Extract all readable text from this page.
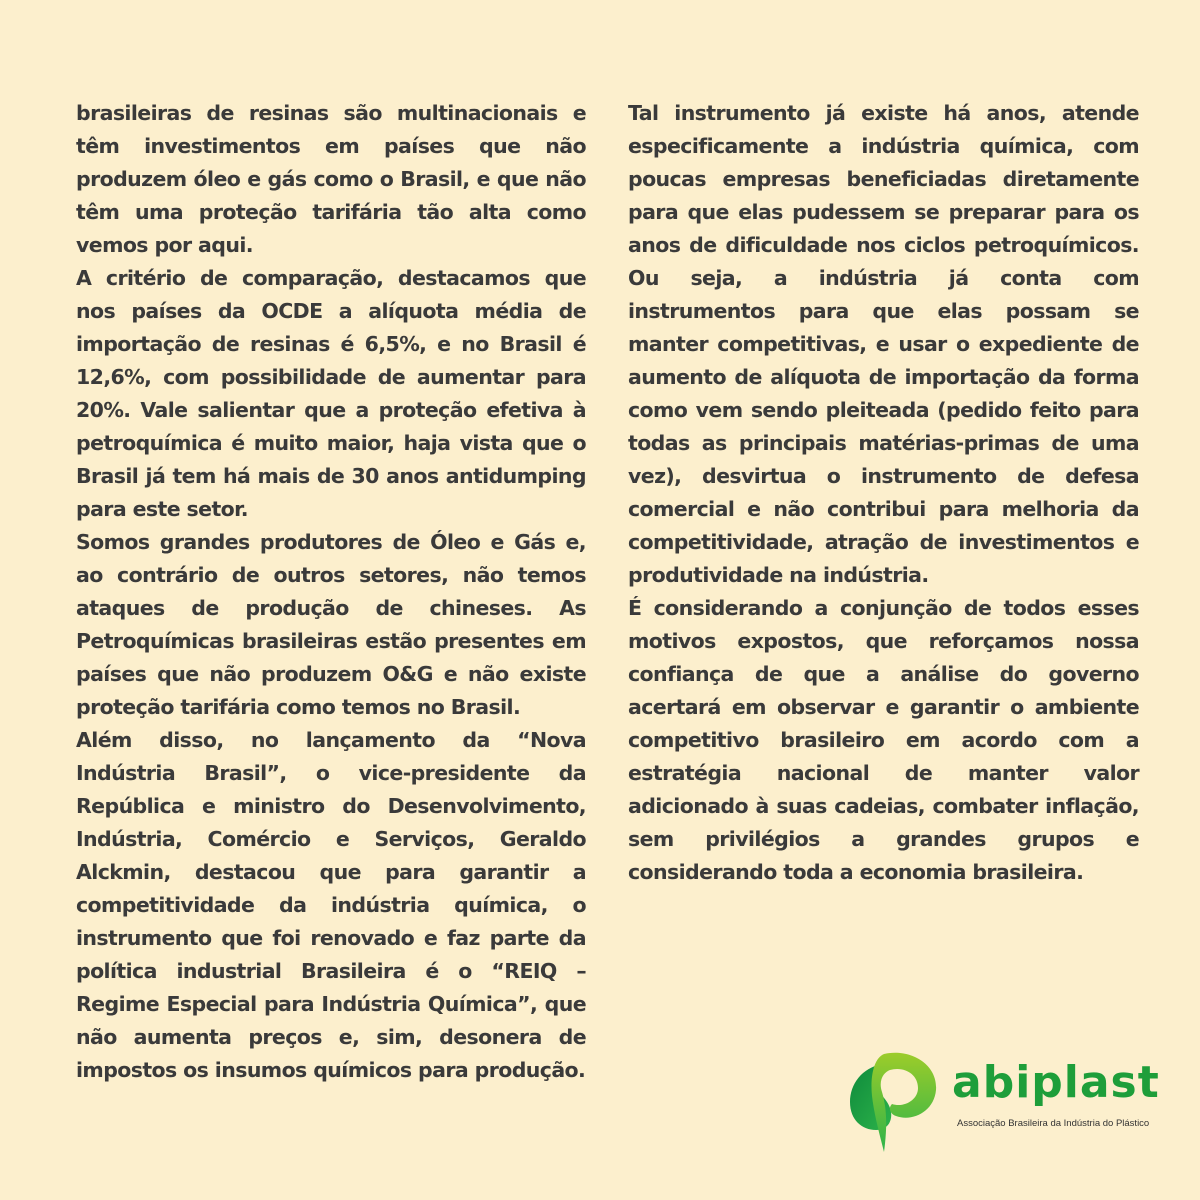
brasileiras de resinas são multinacionais e têm investimentos em países que não produzem óleo e gás como o Brasil, e que não têm uma proteção tarifária tão alta como vemos por aqui.

A critério de comparação, destacamos que nos países da OCDE a alíquota média de importação de resinas é 6,5%, e no Brasil é 12,6%, com possibilidade de aumentar para 20%. Vale salientar que a proteção efetiva à petroquímica é muito maior, haja vista que o Brasil já tem há mais de 30 anos antidumping para este setor.

Somos grandes produtores de Óleo e Gás e, ao contrário de outros setores, não temos ataques de produção de chineses. As Petroquímicas brasileiras estão presentes em países que não produzem O&G e não existe proteção tarifária como temos no Brasil.

Além disso, no lançamento da “Nova Indústria Brasil”, o vice-presidente da República e ministro do Desenvolvimento, Indústria, Comércio e Serviços, Geraldo Alckmin, destacou que para garantir a competitividade da indústria química, o instrumento que foi renovado e faz parte da política industrial Brasileira é o “REIQ – Regime Especial para Indústria Química”, que não aumenta preços e, sim, desonera de impostos os insumos químicos para produção.

Tal instrumento já existe há anos, atende especificamente a indústria química, com poucas empresas beneficiadas diretamente para que elas pudessem se preparar para os anos de dificuldade nos ciclos petroquímicos. Ou seja, a indústria já conta com instrumentos para que elas possam se manter competitivas, e usar o expediente de aumento de alíquota de importação da forma como vem sendo pleiteada (pedido feito para todas as principais matérias-primas de uma vez), desvirtua o instrumento de defesa comercial e não contribui para melhoria da competitividade, atração de investimentos e produtividade na indústria.

É considerando a conjunção de todos esses motivos expostos, que reforçamos nossa confiança de que a análise do governo acertará em observar e garantir o ambiente competitivo brasileiro em acordo com a estratégia nacional de manter valor adicionado à suas cadeias, combater inflação, sem privilégios a grandes grupos e considerando toda a economia brasileira.

abiplast
Associação Brasileira da Indústria do Plástico
